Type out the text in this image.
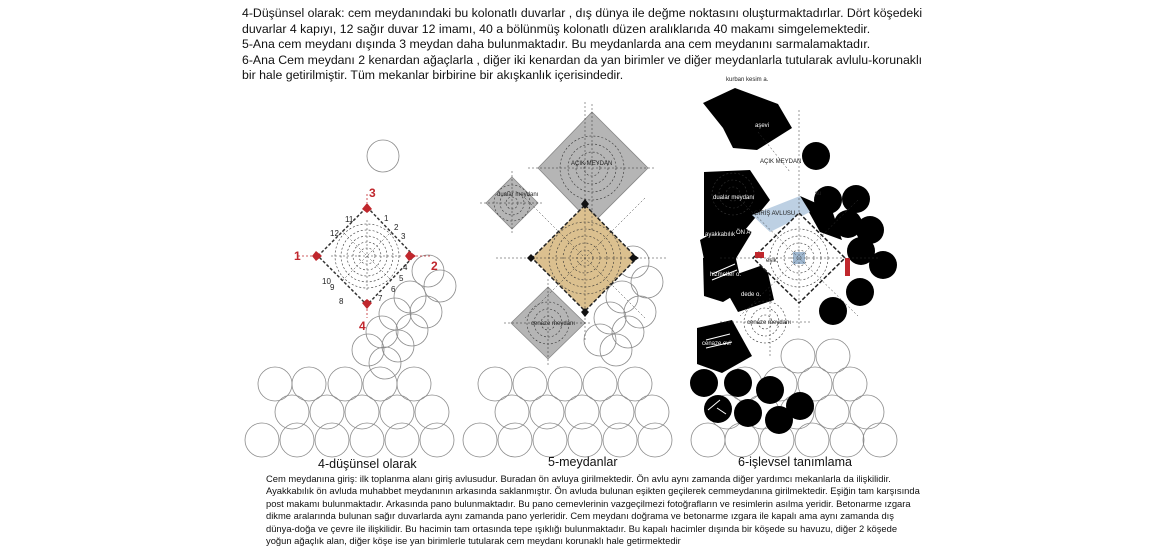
4-Düşünsel olarak: cem meydanındaki bu kolonatlı duvarlar , dış dünya ile değme noktasını oluşturmaktadırlar. Dört köşedeki duvarlar 4 kapıyı, 12 sağır duvar 12 imamı, 40 a bölünmüş kolonatlı düzen aralıklarıda 40 makamı simgelemektedir.

5-Ana cem meydanı dışında 3 meydan daha bulunmaktadır. Bu meydanlarda ana cem meydanını sarmalamaktadır.

6-Ana Cem meydanı 2 kenardan ağaçlarla , diğer iki kenardan da yan birimler ve diğer meydanlarla tutularak avlulu-korunaklı bir hale getirilmiştir. Tüm mekanlar birbirine bir akışkanlık içerisindedir.

3
1
2
4
1
2
3
4
5
6
7
8
9
10
11
12
4-düşünsel olarak
AÇIK MEYDAN
dualar meydanı
cenaze meydanı
5-meydanlar
kurban kesim a.
aşevi
AÇIK MEYDAN
dualar meydanı
GİRİŞ AVLUSU
ÖN AVLU
ayakkabılık
hizmetler o.
dede o.
eşik
su
cenaze meydanı
cenaze evi
6-işlevsel tanımlama
Cem meydanına giriş: ilk toplanma alanı giriş avlusudur. Buradan ön avluya girilmektedir. Ön avlu aynı zamanda diğer yardımcı mekanlarla da ilişkilidir. Ayakkabılık ön avluda muhabbet meydanının arkasında saklanmıştır. Ön avluda bulunan eşikten geçilerek cemmeydanına girilmektedir. Eşiğin tam karşısında post makamı bulunmaktadır. Arkasında pano bulunmaktadır. Bu pano cemevlerinin vazgeçilmezi fotoğrafların ve resimlerin asılma yeridir. Betonarme ızgara dikme aralarında bulunan sağır duvarlarda aynı zamanda pano yerleridir. Cem meydanı doğrama ve betonarme ızgara ile kapalı ama aynı zamanda dış dünya-doğa ve çevre ile ilişkilidir. Bu hacimin tam ortasında tepe ışıklığı bulunmaktadır. Bu kapalı hacimler dışında bir köşede su havuzu, diğer 2 köşede yoğun ağaçlık alan, diğer köşe ise yan birimlerle tutularak cem meydanı korunaklı hale getirmektedir
